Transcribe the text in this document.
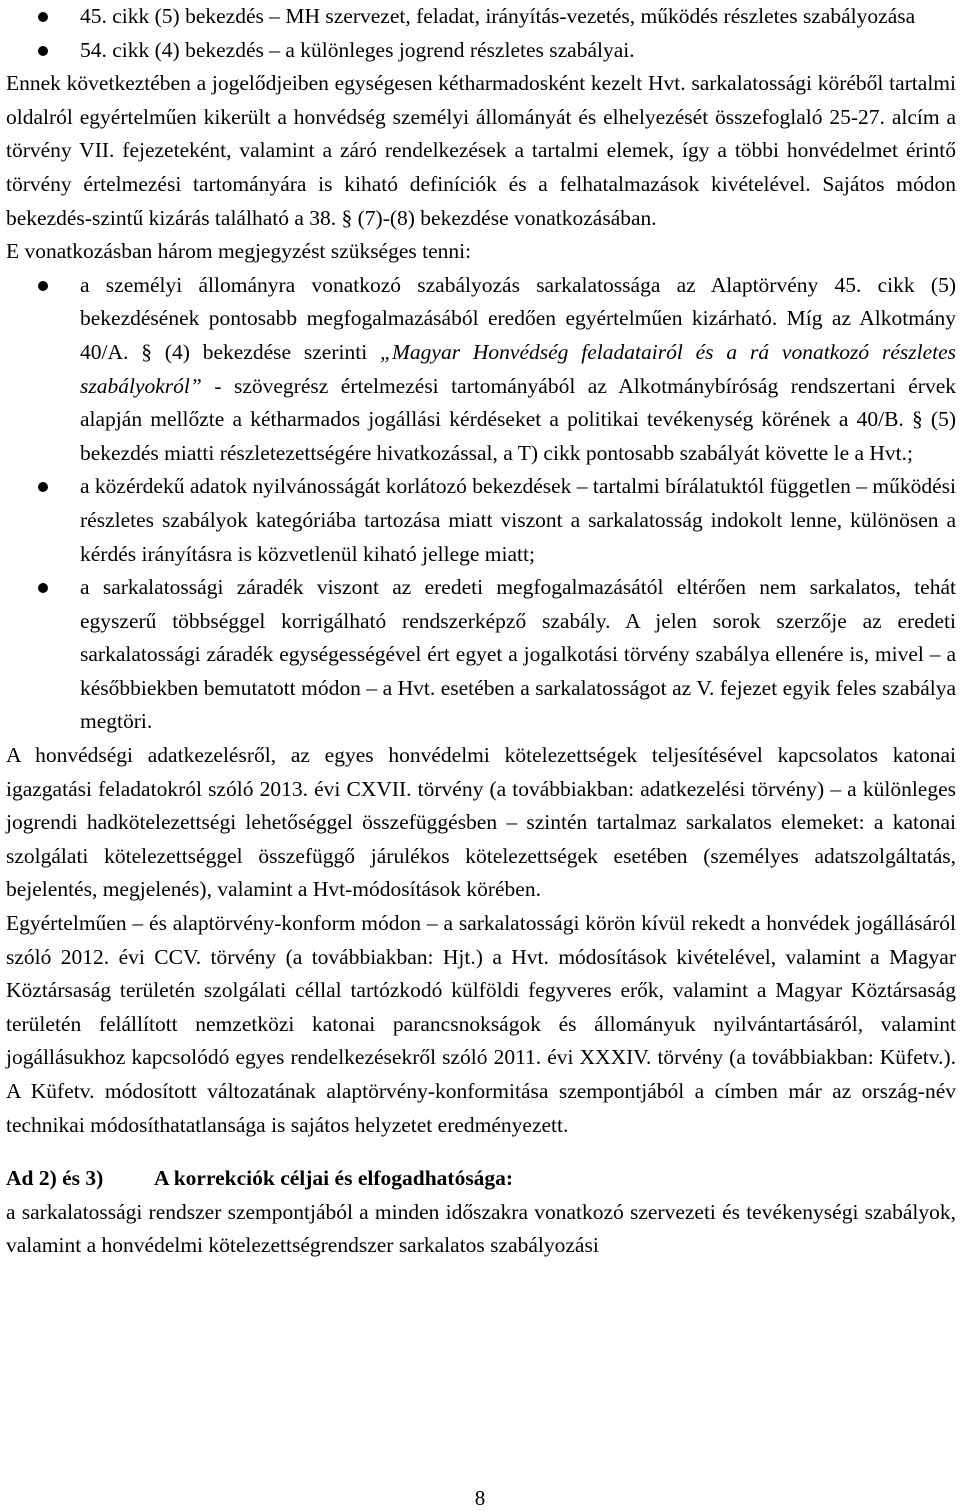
45. cikk (5) bekezdés – MH szervezet, feladat, irányítás-vezetés, működés részletes szabályozása
54. cikk (4) bekezdés – a különleges jogrend részletes szabályai.

Ennek következtében a jogelődjeiben egységesen kétharmadosként kezelt Hvt. sarkalatossági köréből tartalmi oldalról egyértelműen kikerült a honvédség személyi állományát és elhelyezését összefoglaló 25-27. alcím a törvény VII. fejezeteként, valamint a záró rendelkezések a tartalmi elemek, így a többi honvédelmet érintő törvény értelmezési tartományára is kiható definíciók és a felhatalmazások kivételével. Sajátos módon bekezdés-szintű kizárás található a 38. § (7)-(8) bekezdése vonatkozásában.

E vonatkozásban három megjegyzést szükséges tenni:

a személyi állományra vonatkozó szabályozás sarkalatossága az Alaptörvény 45. cikk (5) bekezdésének pontosabb megfogalmazásából eredően egyértelműen kizárható. Míg az Alkotmány 40/A. § (4) bekezdése szerinti „Magyar Honvédség feladatairól és a rá vonatkozó részletes szabályokról” - szövegrész értelmezési tartományából az Alkotmánybíróság rendszertani érvek alapján mellőzte a kétharmados jogállási kérdéseket a politikai tevékenység körének a 40/B. § (5) bekezdés miatti részletezettségére hivatkozással, a T) cikk pontosabb szabályát követte le a Hvt.;
a közérdekű adatok nyilvánosságát korlátozó bekezdések – tartalmi bírálatuktól független – működési részletes szabályok kategóriába tartozása miatt viszont a sarkalatosság indokolt lenne, különösen a kérdés irányításra is közvetlenül kiható jellege miatt;
a sarkalatossági záradék viszont az eredeti megfogalmazásától eltérően nem sarkalatos, tehát egyszerű többséggel korrigálható rendszerképző szabály. A jelen sorok szerzője az eredeti sarkalatossági záradék egységességével ért egyet a jogalkotási törvény szabálya ellenére is, mivel – a későbbiekben bemutatott módon – a Hvt. esetében a sarkalatosságot az V. fejezet egyik feles szabálya megtöri.

A honvédségi adatkezelésről, az egyes honvédelmi kötelezettségek teljesítésével kapcsolatos katonai igazgatási feladatokról szóló 2013. évi CXVII. törvény (a továbbiakban: adatkezelési törvény) – a különleges jogrendi hadkötelezettségi lehetőséggel összefüggésben – szintén tartalmaz sarkalatos elemeket: a katonai szolgálati kötelezettséggel összefüggő járulékos kötelezettségek esetében (személyes adatszolgáltatás, bejelentés, megjelenés), valamint a Hvt-módosítások körében.

Egyértelműen – és alaptörvény-konform módon – a sarkalatossági körön kívül rekedt a honvédek jogállásáról szóló 2012. évi CCV. törvény (a továbbiakban: Hjt.) a Hvt. módosítások kivételével, valamint a Magyar Köztársaság területén szolgálati céllal tartózkodó külföldi fegyveres erők, valamint a Magyar Köztársaság területén felállított nemzetközi katonai parancsnokságok és állományuk nyilvántartásáról, valamint jogállásukhoz kapcsolódó egyes rendelkezésekről szóló 2011. évi XXXIV. törvény (a továbbiakban: Küfetv.). A Küfetv. módosított változatának alaptörvény-konformitása szempontjából a címben már az ország-név technikai módosíthatatlansága is sajátos helyzetet eredményezett.

Ad 2) és 3) A korrekciók céljai és elfogadhatósága:

a sarkalatossági rendszer szempontjából a minden időszakra vonatkozó szervezeti és tevékenységi szabályok, valamint a honvédelmi kötelezettségrendszer sarkalatos szabályozási

8
